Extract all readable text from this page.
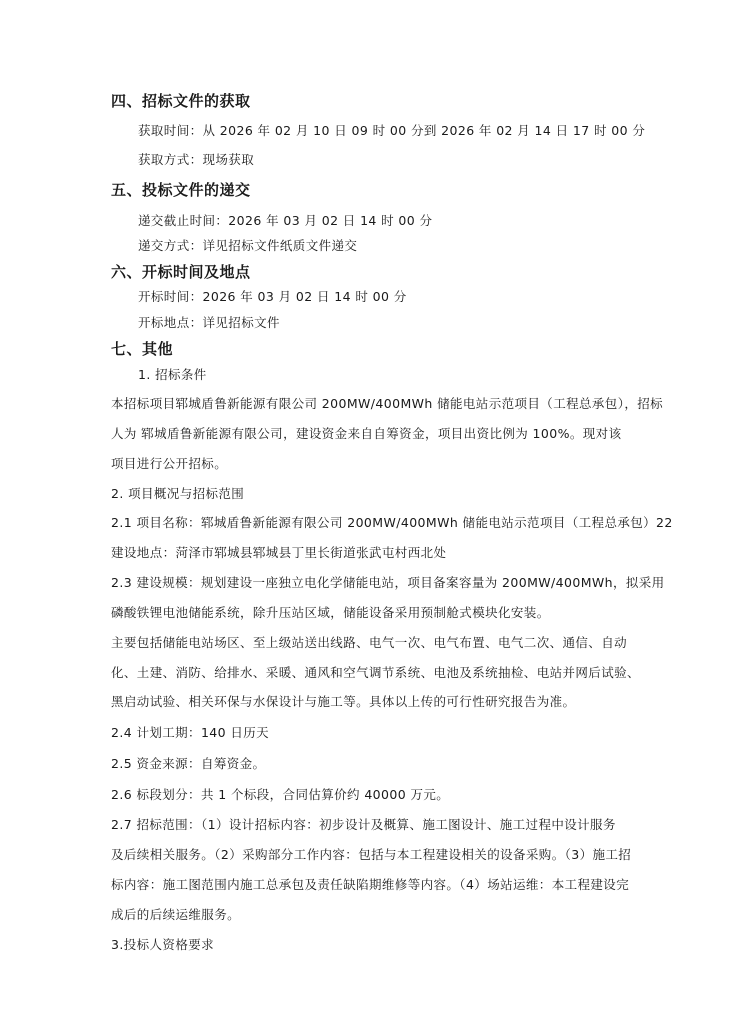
四、招标文件的获取
获取时间：从 2026 年 02 月 10 日 09 时 00 分到 2026 年 02 月 14 日 17 时 00 分
获取方式：现场获取
五、投标文件的递交
递交截止时间：2026 年 03 月 02 日 14 时 00 分
递交方式：详见招标文件纸质文件递交
六、开标时间及地点
开标时间：2026 年 03 月 02 日 14 时 00 分
开标地点：详见招标文件
七、其他
1. 招标条件
本招标项目郓城盾鲁新能源有限公司 200MW/400MWh 储能电站示范项目（工程总承包），招标
人为 郓城盾鲁新能源有限公司，建设资金来自自筹资金，项目出资比例为 100%。现对该
项目进行公开招标。
2. 项目概况与招标范围
2.1 项目名称：郓城盾鲁新能源有限公司 200MW/400MWh 储能电站示范项目（工程总承包）22
建设地点：菏泽市郓城县郓城县丁里长街道张武屯村西北处
2.3 建设规模：规划建设一座独立电化学储能电站，项目备案容量为 200MW/400MWh，拟采用
磷酸铁锂电池储能系统，除升压站区域，储能设备采用预制舱式模块化安装。
主要包括储能电站场区、至上级站送出线路、电气一次、电气布置、电气二次、通信、自动
化、土建、消防、给排水、采暖、通风和空气调节系统、电池及系统抽检、电站并网后试验、
黑启动试验、相关环保与水保设计与施工等。具体以上传的可行性研究报告为准。
2.4 计划工期：140 日历天
2.5 资金来源：自筹资金。
2.6 标段划分：共 1 个标段，合同估算价约 40000 万元。
2.7 招标范围：（1）设计招标内容：初步设计及概算、施工图设计、施工过程中设计服务
及后续相关服务。（2）采购部分工作内容：包括与本工程建设相关的设备采购。（3）施工招
标内容：施工图范围内施工总承包及责任缺陷期维修等内容。（4）场站运维：本工程建设完
成后的后续运维服务。
3.投标人资格要求
